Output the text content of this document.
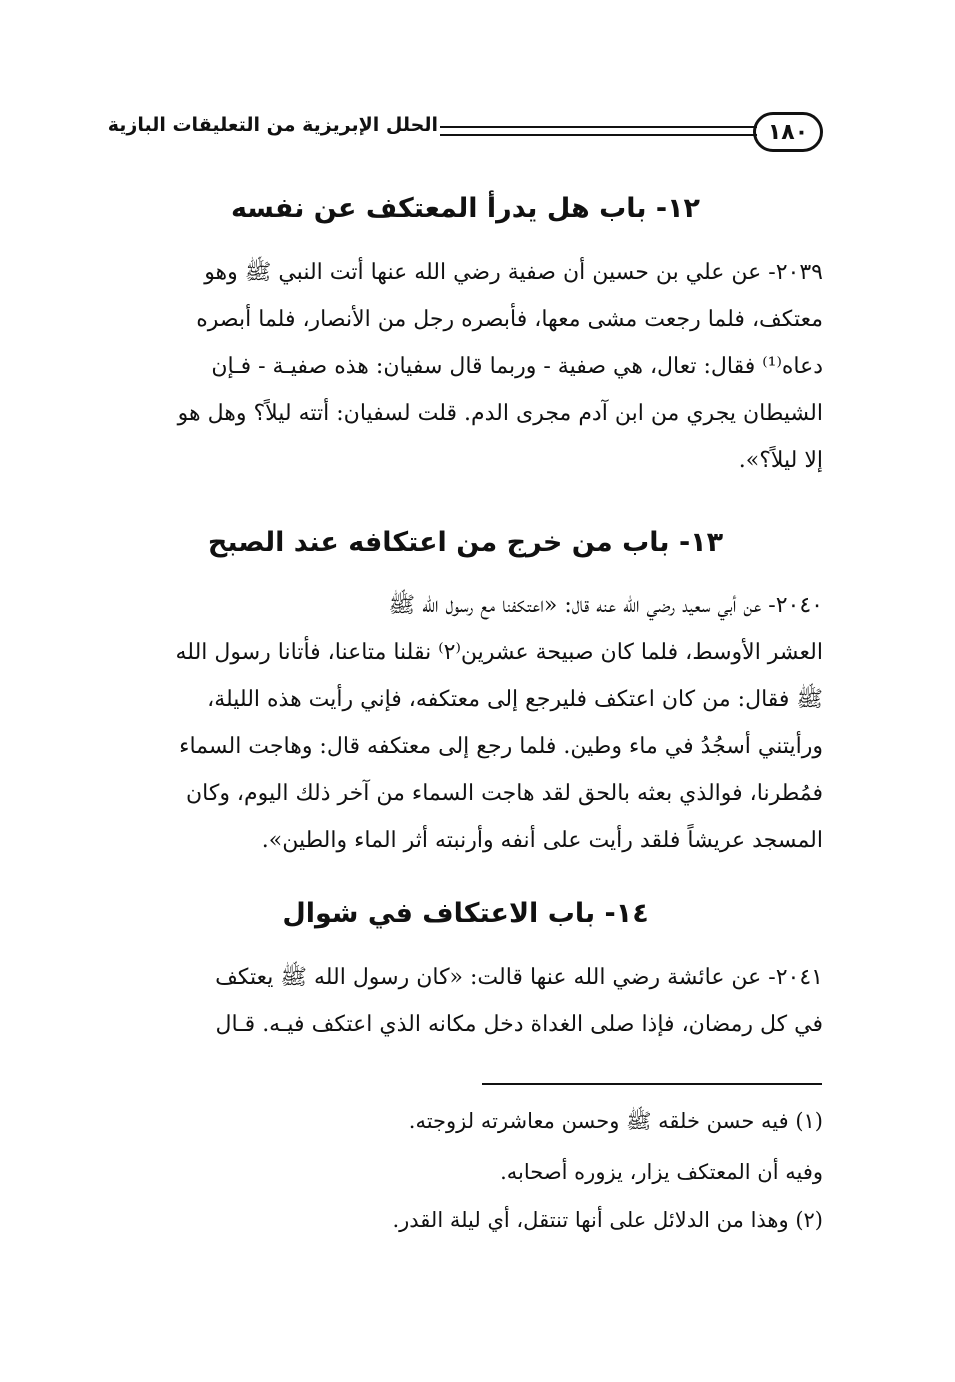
١٨٠
الحلل الإبريزية من التعليقات البازية
١٢- باب هل يدرأ المعتكف عن نفسه
٢٠٣٩- عن علي بن حسين أن صفية رضي الله عنها أتت النبي ﷺ وهو
معتكف، فلما رجعت مشى معها، فأبصره رجل من الأنصار، فلما أبصره
دعاه⁽¹⁾ فقال: تعال، هي صفية - وربما قال سفيان: هذه صفيـة - فـإن
الشيطان يجري من ابن آدم مجرى الدم. قلت لسفيان: أتته ليلاً؟ وهل هو
إلا ليلاً؟».
١٣- باب من خرج من اعتكافه عند الصبح
٢٠٤٠- عن أبي سعيد رضي الله عنه قال: «اعتكفنا مع رسول الله ﷺ
العشر الأوسط، فلما كان صبيحة عشرين⁽٢⁾ نقلنا متاعنا، فأتانا رسول الله
ﷺ فقال: من كان اعتكف فليرجع إلى معتكفه، فإني رأيت هذه الليلة،
ورأيتني أسجُدُ في ماء وطين. فلما رجع إلى معتكفه قال: وهاجت السماء
فمُطرنا، فوالذي بعثه بالحق لقد هاجت السماء من آخر ذلك اليوم، وكان
المسجد عريشاً فلقد رأيت على أنفه وأرنبته أثر الماء والطين».
١٤- باب الاعتكاف في شوال
٢٠٤١- عن عائشة رضي الله عنها قالت: «كان رسول الله ﷺ يعتكف
في كل رمضان، فإذا صلى الغداة دخل مكانه الذي اعتكف فيـه. قـال
(١) فيه حسن خلقه ﷺ وحسن معاشرته لزوجته.
وفيه أن المعتكف يزار، يزوره أصحابه.
(٢) وهذا من الدلائل على أنها تنتقل، أي ليلة القدر.
